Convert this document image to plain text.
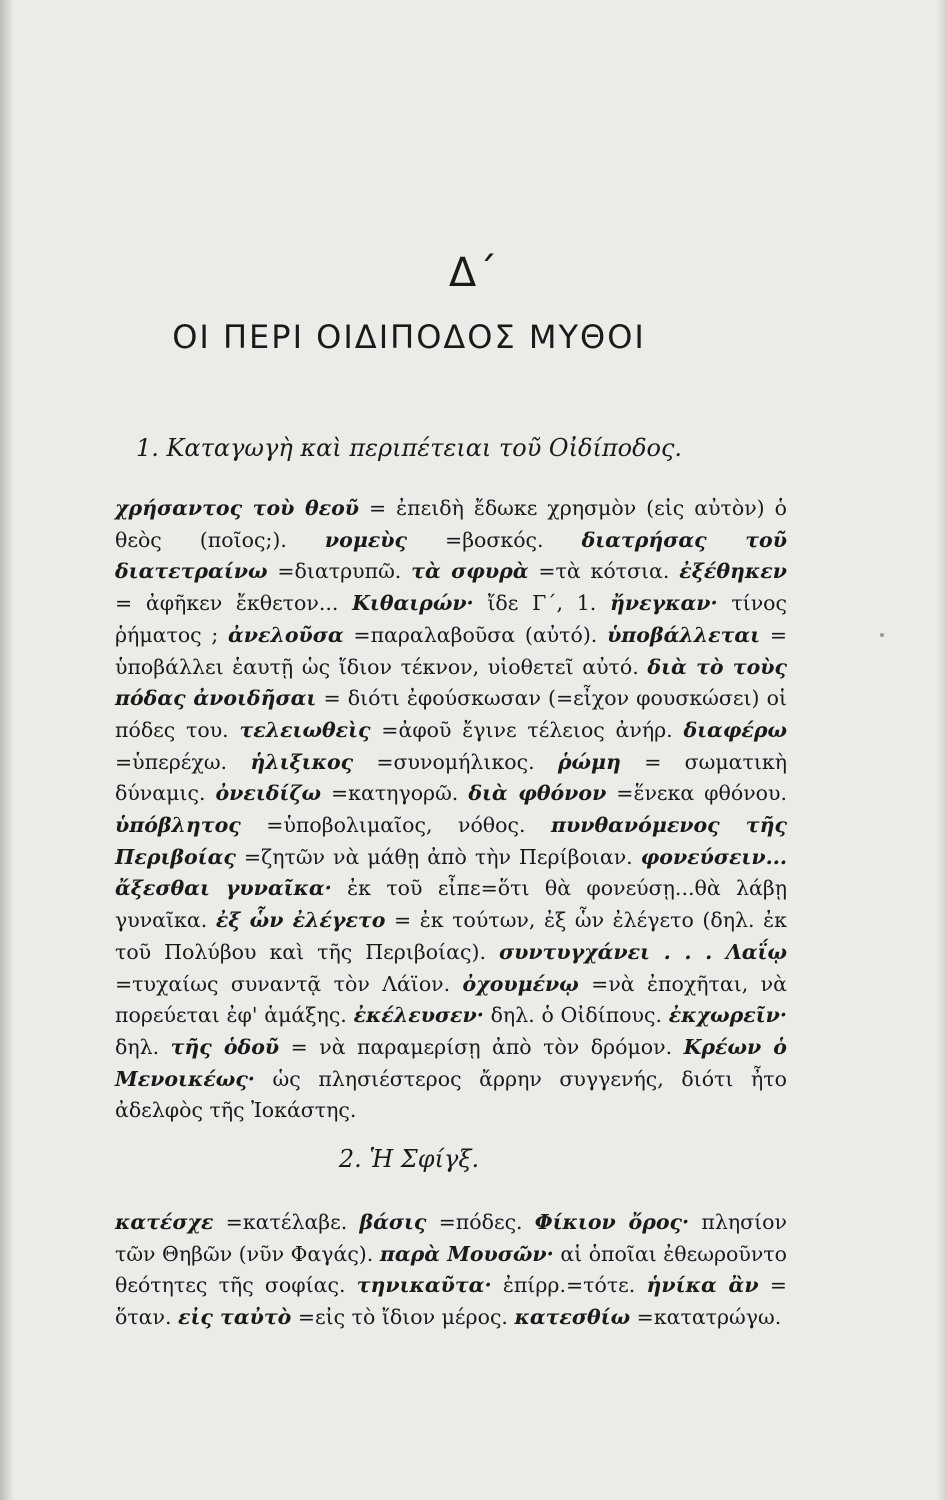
Δ΄
ΟΙ ΠΕΡΙ ΟΙΔΙΠΟΔΟΣ ΜΥΘΟΙ
1. Καταγωγὴ καὶ περιπέτειαι τοῦ Οἰδίποδος.
χρήσαντος τοὺ θεοῦ = ἐπειδὴ ἔδωκε χρησμὸν (εἰς αὐτὸν) ὁ θεὸς (ποῖος;). νομεὺς =βοσκός. διατρήσας τοῦ διατετραίνω =διατρυπῶ. τὰ σφυρὰ =τὰ κότσια. ἐξέθηκεν = ἀφῆκεν ἔκθετον... Κιθαιρών· ἴδε Γ΄, 1. ἤνεγκαν· τίνος ῥήματος ; ἀνελοῦσα =παραλαβοῦσα (αὐτό). ὑποβάλλεται = ὑποβάλλει ἑαυτῇ ὡς ἴδιον τέκνον, υἱοθετεῖ αὐτό. διὰ τὸ τοὺς πόδας ἀνοιδῆσαι = διότι ἐφούσκωσαν (=εἶχον φουσκώσει) οἱ πόδες του. τελειωθεὶς =ἀφοῦ ἔγινε τέλειος ἀνήρ. διαφέρω =ὑπερέχω. ἡλιξικος =συνομήλικος. ῥώμη = σωματικὴ δύναμις. ὀνειδίζω =κατηγορῶ. διὰ φθόνον =ἕνεκα φθόνου. ὑπόβλητος =ὑποβολιμαῖος, νόθος. πυνθανόμενος τῆς Περιβοίας =ζητῶν νὰ μάθῃ ἀπὸ τὴν Περίβοιαν. φονεύσειν... ἄξεσθαι γυναῖκα· ἐκ τοῦ εἶπε=ὅτι θὰ φονεύσῃ...θὰ λάβῃ γυναῖκα. ἐξ ὧν ἐλέγετο = ἐκ τούτων, ἐξ ὧν ἐλέγετο (δηλ. ἐκ τοῦ Πολύβου καὶ τῆς Περιβοίας). συντυγχάνει . . . Λαΐῳ =τυχαίως συναντᾷ τὸν Λάϊον. ὀχουμένῳ =νὰ ἐποχῆται, νὰ πορεύεται ἐφ' ἁμάξης. ἐκέλευσεν· δηλ. ὁ Οἰδίπους. ἐκχωρεῖν· δηλ. τῆς ὁδοῦ = νὰ παραμερίσῃ ἀπὸ τὸν δρόμον. Κρέων ὁ Μενοικέως· ὡς πλησιέστερος ἄρρην συγγενής, διότι ἦτο ἀδελφὸς τῆς Ἰοκάστης.
2. Ἡ Σφίγξ.
κατέσχε =κατέλαβε. βάσις =πόδες. Φίκιον ὄρος· πλησίον τῶν Θηβῶν (νῦν Φαγάς). παρὰ Μουσῶν· αἱ ὁποῖαι ἐθεωροῦντο θεότητες τῆς σοφίας. τηνικαῦτα· ἐπίρρ.=τότε. ἡνίκα ἂν = ὅταν. εἰς ταὐτὸ =εἰς τὸ ἴδιον μέρος. κατεσθίω =κατατρώγω.
